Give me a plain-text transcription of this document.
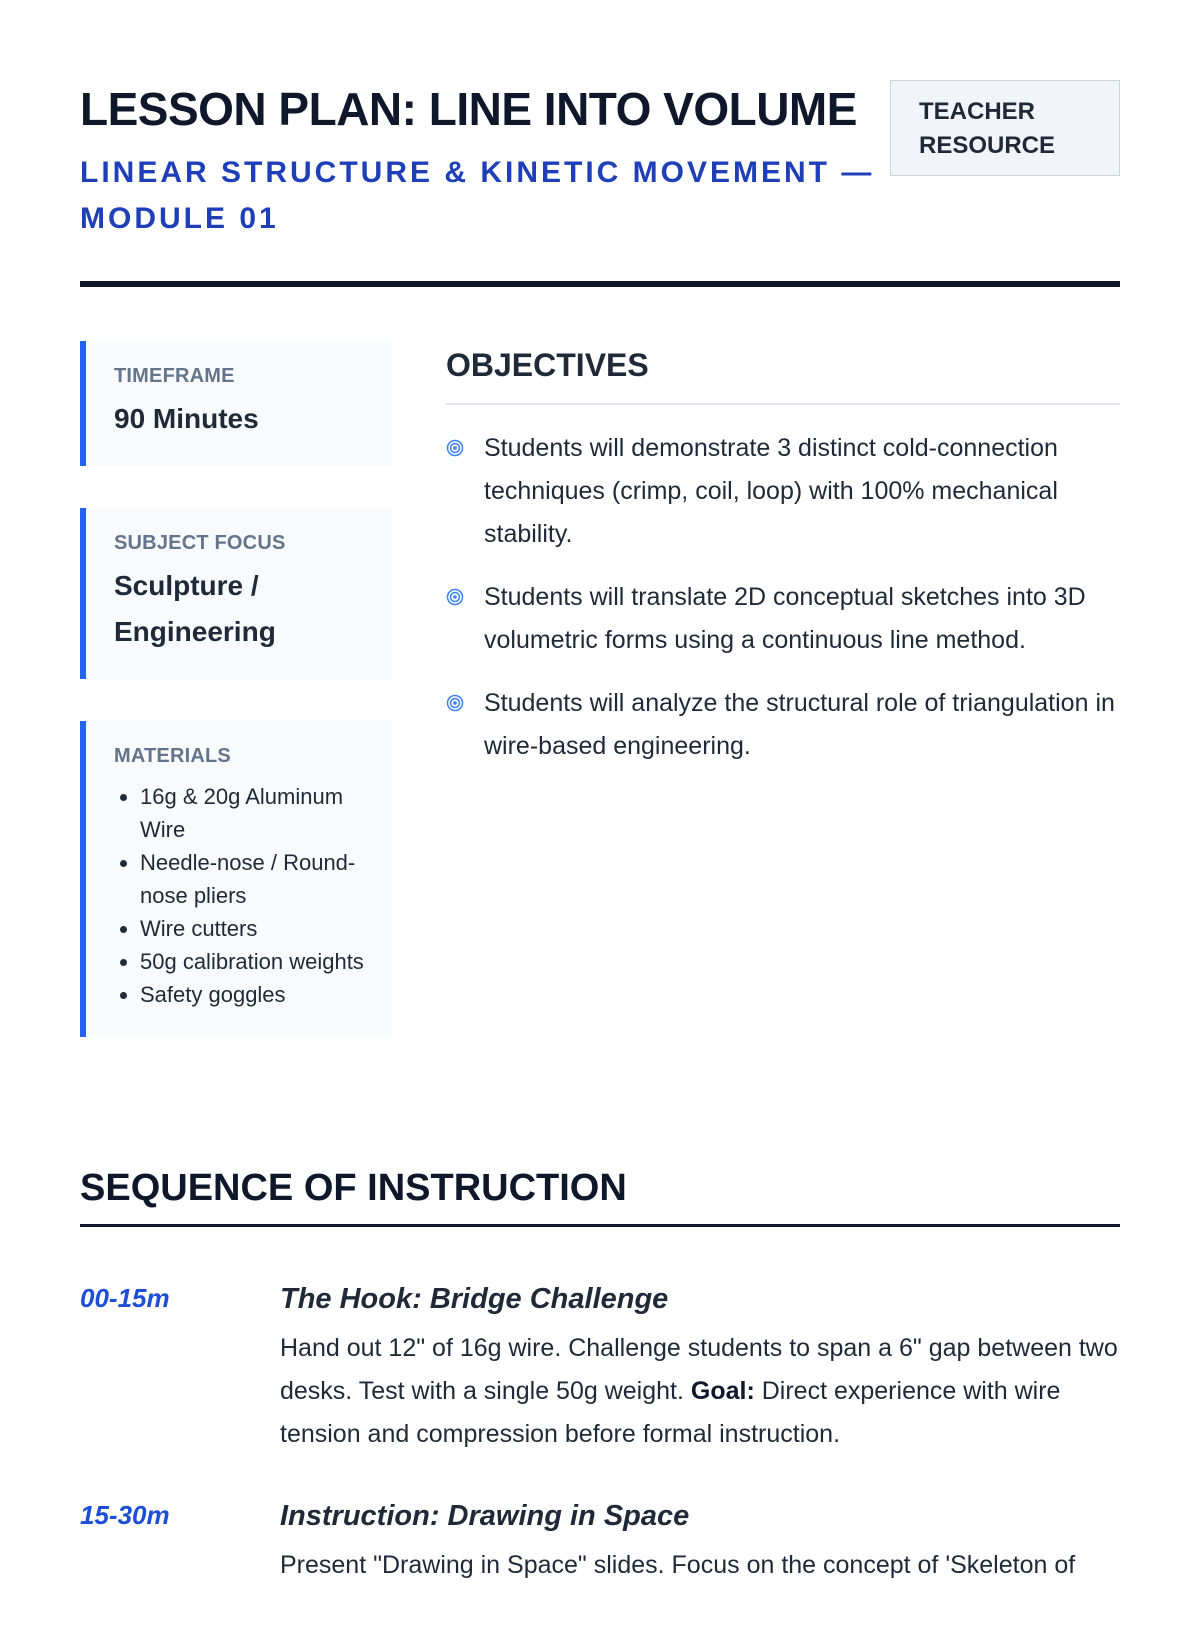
LESSON PLAN: LINE INTO VOLUME

LINEAR STRUCTURE & KINETIC MOVEMENT — MODULE 01

TEACHER RESOURCE
TIMEFRAME
90 Minutes
SUBJECT FOCUS
Sculpture / Engineering
MATERIALS
• 16g & 20g Aluminum Wire
• Needle-nose / Round-nose pliers
• Wire cutters
• 50g calibration weights
• Safety goggles
OBJECTIVES
Students will demonstrate 3 distinct cold-connection techniques (crimp, coil, loop) with 100% mechanical stability.
Students will translate 2D conceptual sketches into 3D volumetric forms using a continuous line method.
Students will analyze the structural role of triangulation in wire-based engineering.
SEQUENCE OF INSTRUCTION
00-15m	The Hook: Bridge Challenge

Hand out 12" of 16g wire. Challenge students to span a 6" gap between two desks. Test with a single 50g weight. Goal: Direct experience with wire tension and compression before formal instruction.

15-30m	Instruction: Drawing in Space

Present "Drawing in Space" slides. Focus on the concept of 'Skeleton of
